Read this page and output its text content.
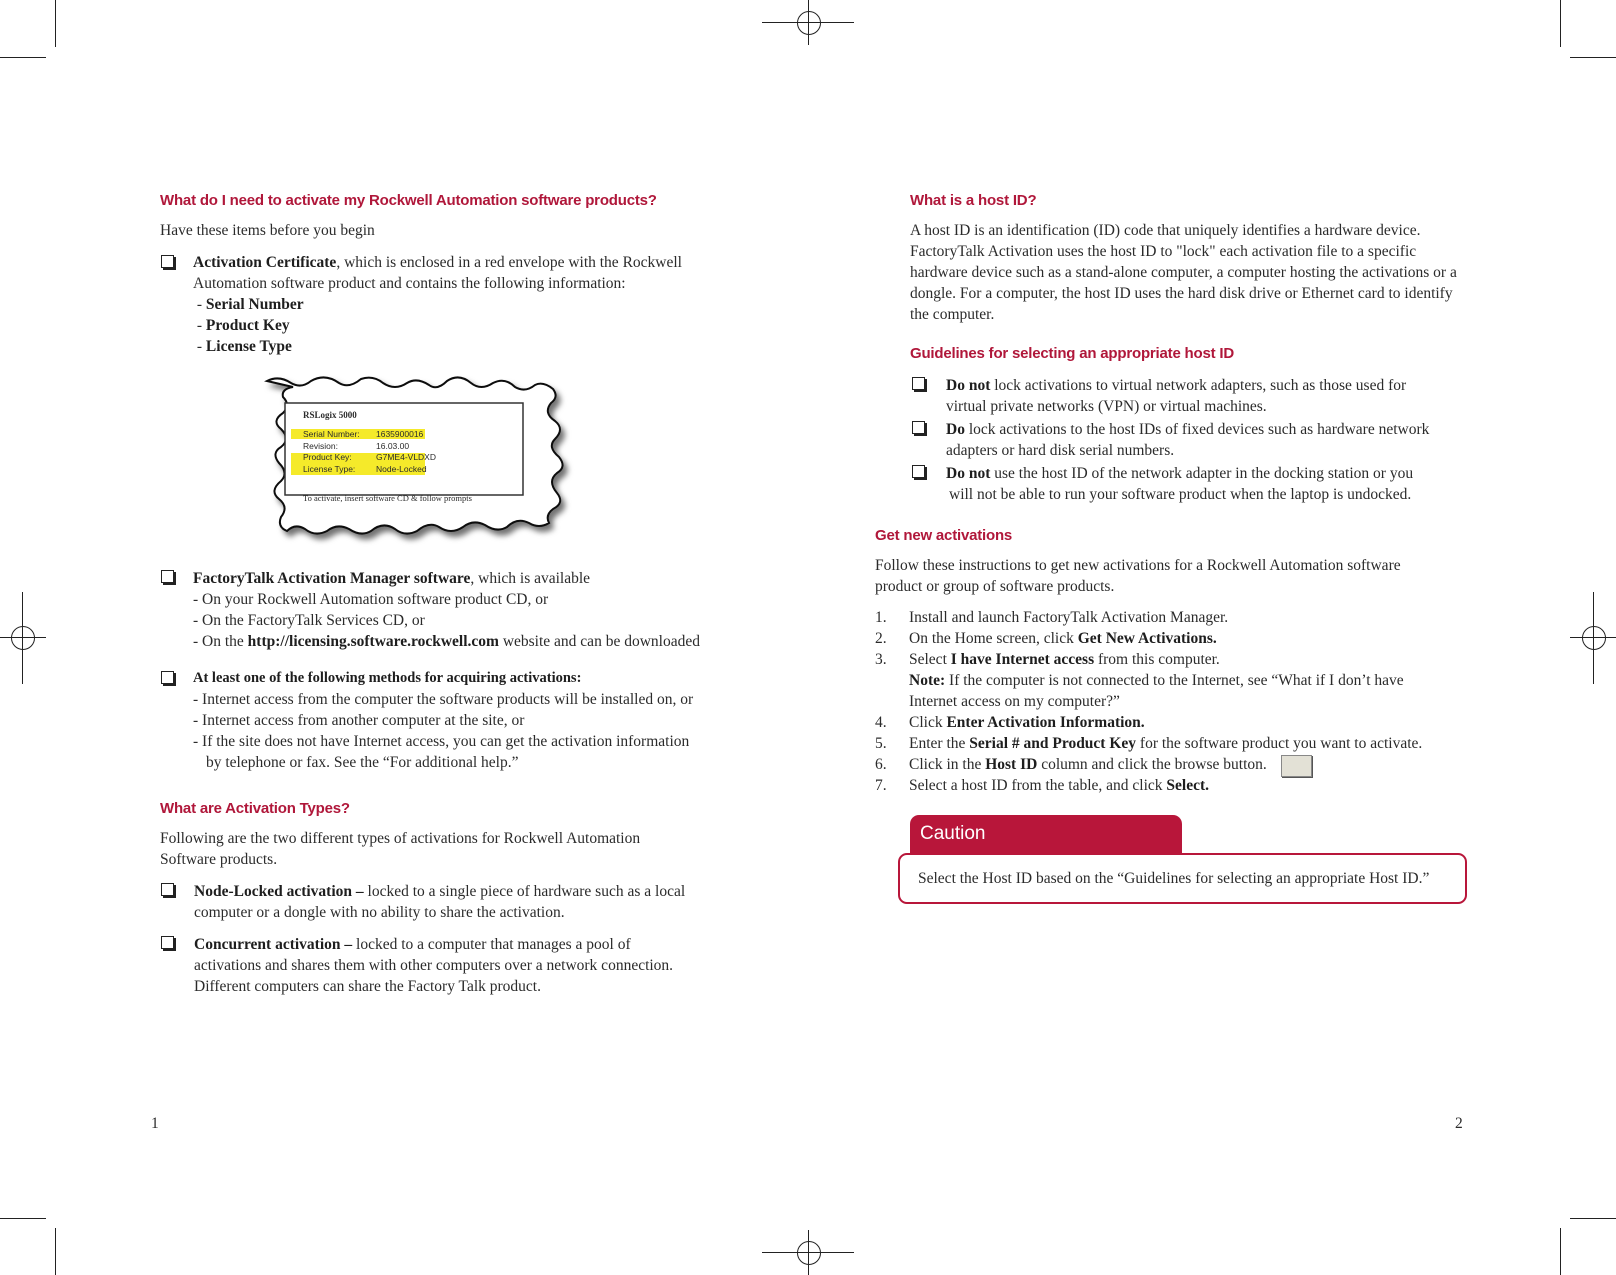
What do I need to activate my Rockwell Automation software products?

Have these items before you begin

Activation Certificate, which is enclosed in a red envelope with the Rockwell
Automation software product and contains the following information:
- Serial Number
- Product Key
- License Type
RSLogix 5000
Serial Number: 1635900016
Revision:	16.03.00
Product Key:	G7ME4-VLDXD
License Type: Node-Locked
To activate, insert software CD & follow prompts
FactoryTalk Activation Manager software, which is available
- On your Rockwell Automation software product CD, or
- On the FactoryTalk Services CD, or
- On the http://licensing.software.rockwell.com website and can be downloaded
At least one of the following methods for acquiring activations:
- Internet access from the computer the software products will be installed on, or
- Internet access from another computer at the site, or
- If the site does not have Internet access, you can get the activation information
by telephone or fax. See the “For additional help.”
What are Activation Types?
Following are the two different types of activations for Rockwell Automation
Software products.
Node-Locked activation – locked to a single piece of hardware such as a local
computer or a dongle with no ability to share the activation.
Concurrent activation – locked to a computer that manages a pool of
activations and shares them with other computers over a network connection.
Different computers can share the Factory Talk product.
1
What is a host ID?
A host ID is an identification (ID) code that uniquely identifies a hardware device.
FactoryTalk Activation uses the host ID to "lock" each activation file to a specific
hardware device such as a stand-alone computer, a computer hosting the activations or a
dongle. For a computer, the host ID uses the hard disk drive or Ethernet card to identify
the computer.
Guidelines for selecting an appropriate host ID
Do not lock activations to virtual network adapters, such as those used for
virtual private networks (VPN) or virtual machines.
Do lock activations to the host IDs of fixed devices such as hardware network
adapters or hard disk serial numbers.
Do not use the host ID of the network adapter in the docking station or you
will not be able to run your software product when the laptop is undocked.
Get new activations
Follow these instructions to get new activations for a Rockwell Automation software
product or group of software products.
1. Install and launch FactoryTalk Activation Manager.
2. On the Home screen, click Get New Activations.
3. Select I have Internet access from this computer.
Note: If the computer is not connected to the Internet, see “What if I don’t have
Internet access on my computer?”
4. Click Enter Activation Information.
5. Enter the Serial # and Product Key for the software product you want to activate.
6. Click in the Host ID column and click the browse button.
7. Select a host ID from the table, and click Select.
Caution
Select the Host ID based on the “Guidelines for selecting an appropriate Host ID.”
2
